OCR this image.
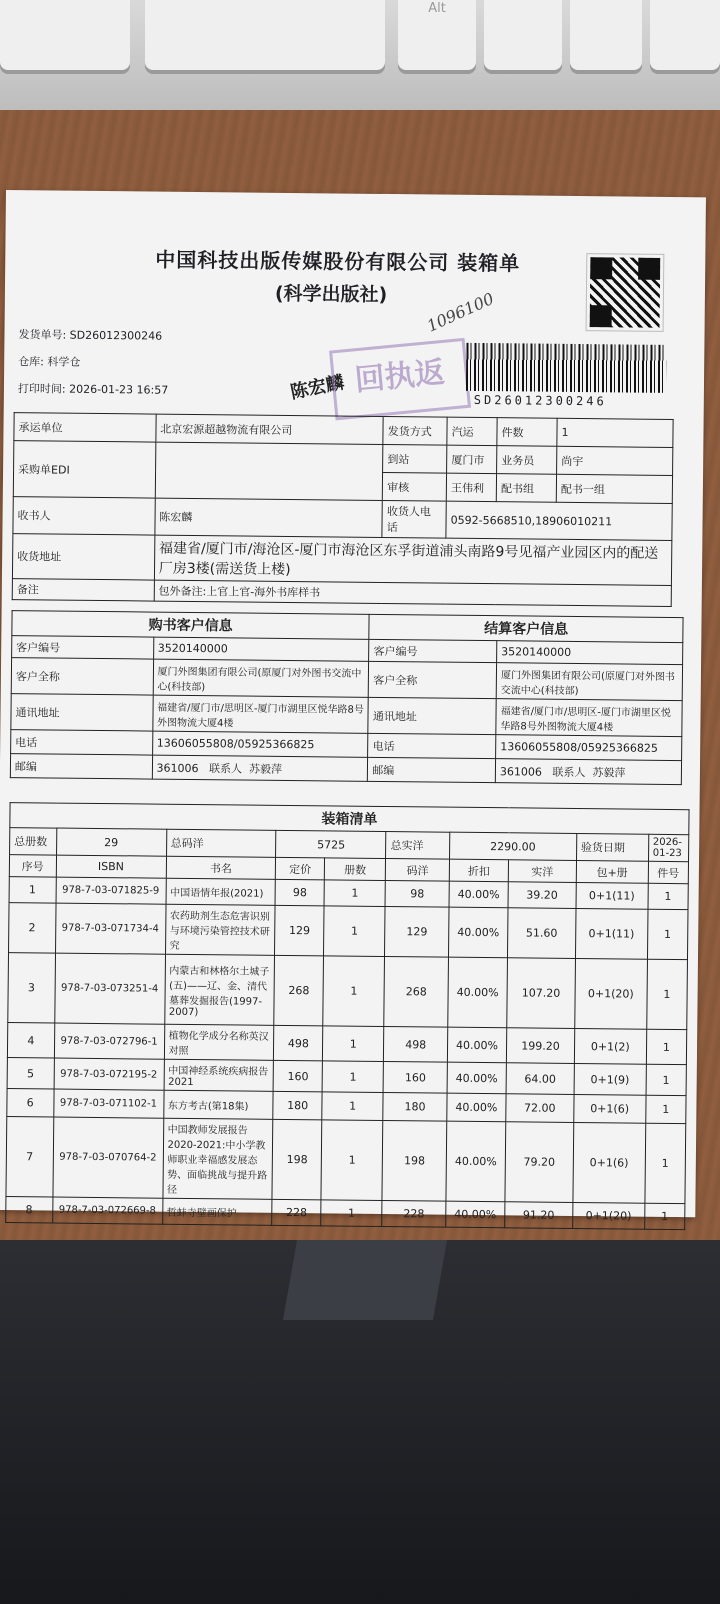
Alt
中国科技出版传媒股份有限公司 装箱单
(科学出版社)
发货单号: SD26012300246
仓库: 科学仓
打印时间: 2026-01-23 16:57
1096100
陈宏麟 回执返
SD26012300246
承运单位	北京宏源超越物流有限公司	发货方式	汽运	件数	1
采购单EDI		到站	厦门市	业务员	尚宇
		审核	王伟利	配书组	配书一组
收书人	陈宏麟	收货人电话	0592-5668510,18906010211		
收货地址	福建省/厦门市/海沧区-厦门市海沧区东孚街道浦头南路9号见福产业园区内的配送厂房3楼(需送货上楼)				
备注	包外备注:上官上官-海外书库样书				
购书客户信息		结算客户信息	
客户编号	3520140000	客户编号	3520140000
客户全称	厦门外图集团有限公司(原厦门对外图书交流中心(科技部)	客户全称	厦门外图集团有限公司(原厦门对外图书交流中心(科技部)
通讯地址	福建省/厦门市/思明区-厦门市湖里区悦华路8号外图物流大厦4楼	通讯地址	福建省/厦门市/思明区-厦门市湖里区悦华路8号外图物流大厦4楼
电话	13606055808/05925366825	电话	13606055808/05925366825
邮编	361006 联系人 苏毅萍	邮编	361006 联系人 苏毅萍
装箱清单									
总册数	29	总码洋	5725		总实洋	2290.00		验货日期	2026-01-23
序号	ISBN	书名	定价	册数	码洋	折扣	实洋	包+册	件号
1	978-7-03-071825-9	中国语情年报(2021)	98	1	98	40.00%	39.20	0+1(11)	1
2	978-7-03-071734-4	农药助剂生态危害识别与环境污染管控技术研究	129	1	129	40.00%	51.60	0+1(11)	1
3	978-7-03-073251-4	内蒙古和林格尔土城子(五)——辽、金、清代墓葬发掘报告(1997-2007)	268	1	268	40.00%	107.20	0+1(20)	1
4	978-7-03-072796-1	植物化学成分名称英汉对照	498	1	498	40.00%	199.20	0+1(2)	1
5	978-7-03-072195-2	中国神经系统疾病报告2021	160	1	160	40.00%	64.00	0+1(9)	1
6	978-7-03-071102-1	东方考古(第18集)	180	1	180	40.00%	72.00	0+1(6)	1
7	978-7-03-070764-2	中国教师发展报告2020-2021:中小学教师职业幸福感发展态势、面临挑战与提升路径	198	1	198	40.00%	79.20	0+1(6)	1
8	978-7-03-072669-8	哲蚌寺壁画保护	228	1	228	40.00%	91.20	0+1(20)	1
